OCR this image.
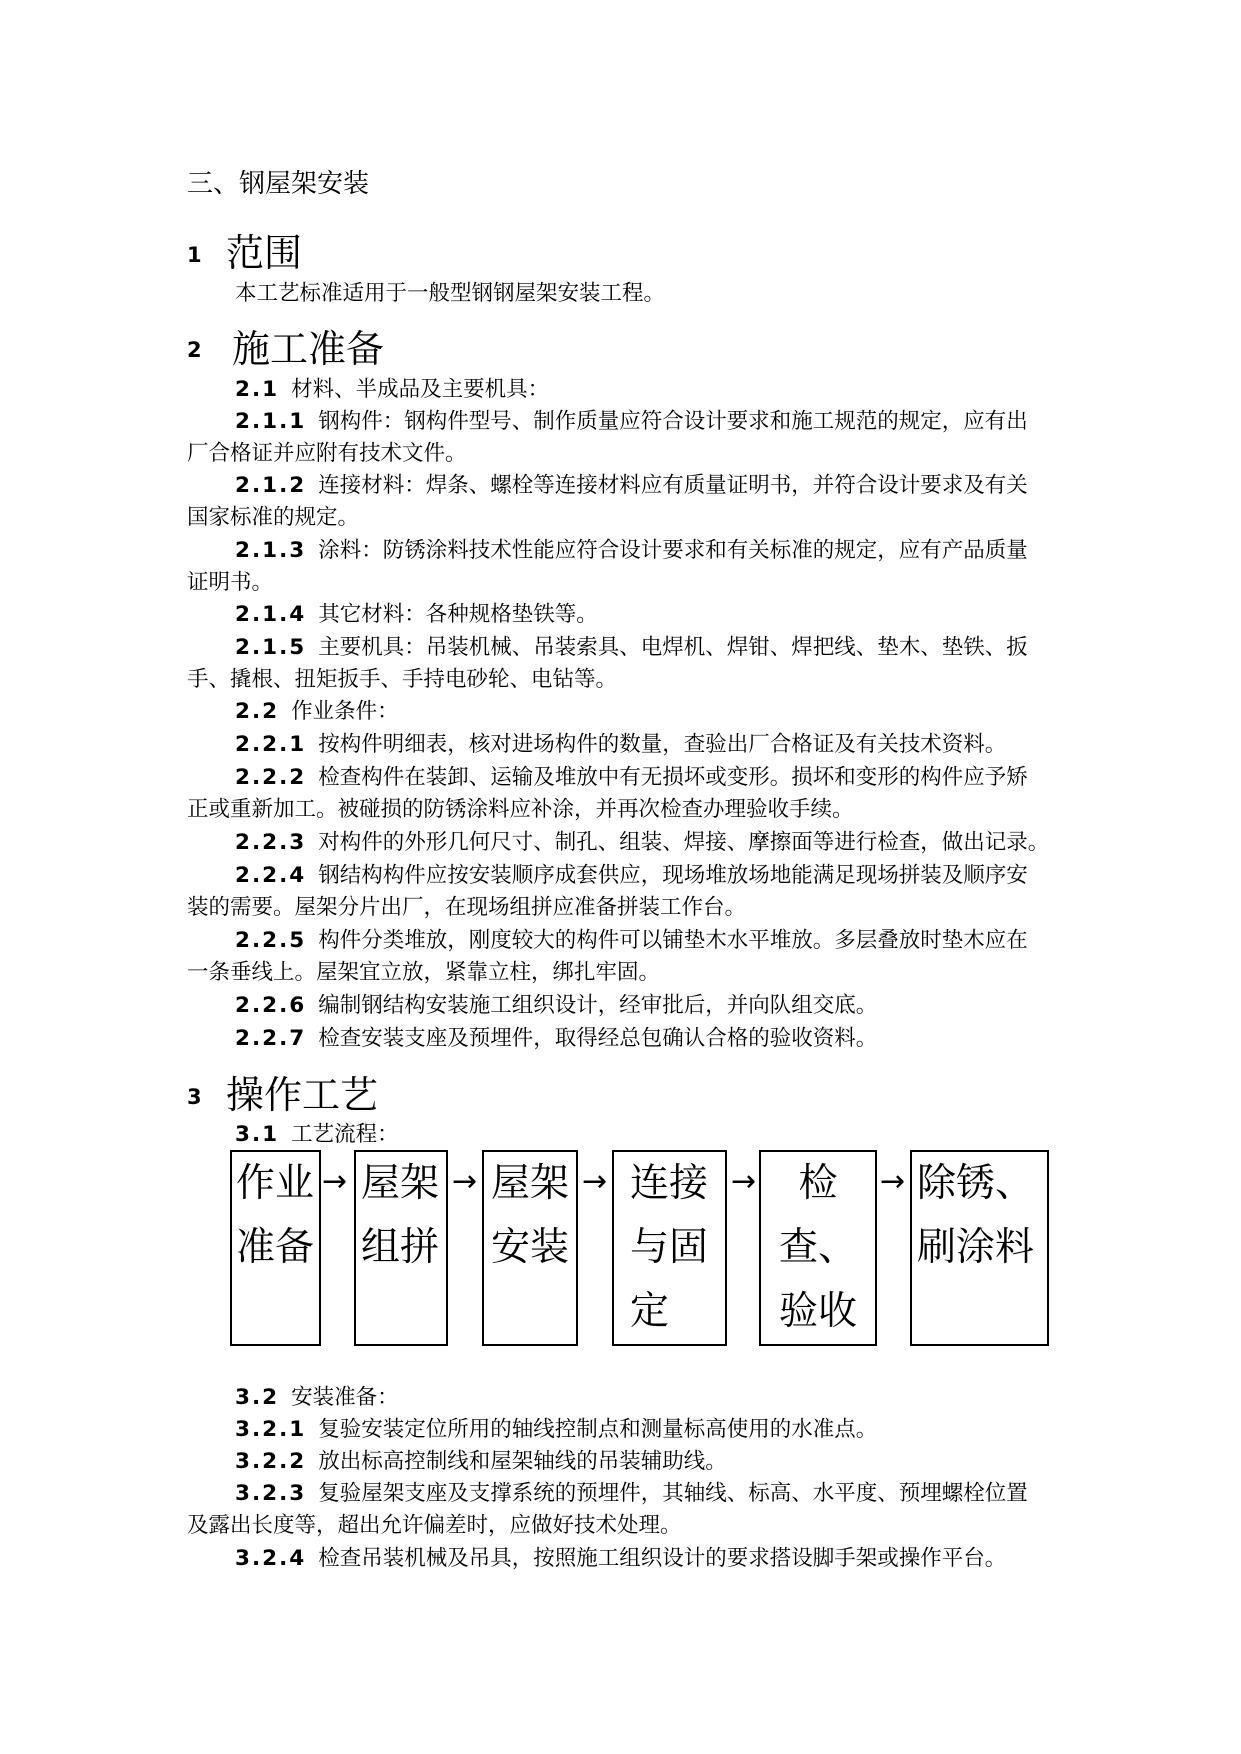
三、钢屋架安装
1 范围
本工艺标准适用于一般型钢钢屋架安装工程。
2 施工准备
2.1 材料、半成品及主要机具：
2.1.1 钢构件：钢构件型号、制作质量应符合设计要求和施工规范的规定，应有出
厂合格证并应附有技术文件。
2.1.2 连接材料：焊条、螺栓等连接材料应有质量证明书，并符合设计要求及有关
国家标准的规定。
2.1.3 涂料：防锈涂料技术性能应符合设计要求和有关标准的规定，应有产品质量
证明书。
2.1.4 其它材料：各种规格垫铁等。
2.1.5 主要机具：吊装机械、吊装索具、电焊机、焊钳、焊把线、垫木、垫铁、扳
手、撬根、扭矩扳手、手持电砂轮、电钻等。
2.2 作业条件：
2.2.1 按构件明细表，核对进场构件的数量，查验出厂合格证及有关技术资料。
2.2.2 检查构件在装卸、运输及堆放中有无损坏或变形。损坏和变形的构件应予矫
正或重新加工。被碰损的防锈涂料应补涂，并再次检查办理验收手续。
2.2.3 对构件的外形几何尺寸、制孔、组装、焊接、摩擦面等进行检查，做出记录。
2.2.4 钢结构构件应按安装顺序成套供应，现场堆放场地能满足现场拼装及顺序安
装的需要。屋架分片出厂，在现场组拼应准备拼装工作台。
2.2.5 构件分类堆放，刚度较大的构件可以铺垫木水平堆放。多层叠放时垫木应在
一条垂线上。屋架宜立放，紧靠立柱，绑扎牢固。
2.2.6 编制钢结构安装施工组织设计，经审批后，并向队组交底。
2.2.7 检查安装支座及预埋件，取得经总包确认合格的验收资料。
3 操作工艺
3.1 工艺流程：
作业准备
→ 屋架组拼
→ 屋架安装
→ 连接与固定
→	检查、验收
→ 除锈、刷涂料
3.2 安装准备：
3.2.1 复验安装定位所用的轴线控制点和测量标高使用的水准点。
3.2.2 放出标高控制线和屋架轴线的吊装辅助线。
3.2.3 复验屋架支座及支撑系统的预埋件，其轴线、标高、水平度、预埋螺栓位置
及露出长度等，超出允许偏差时，应做好技术处理。
3.2.4 检查吊装机械及吊具，按照施工组织设计的要求搭设脚手架或操作平台。
